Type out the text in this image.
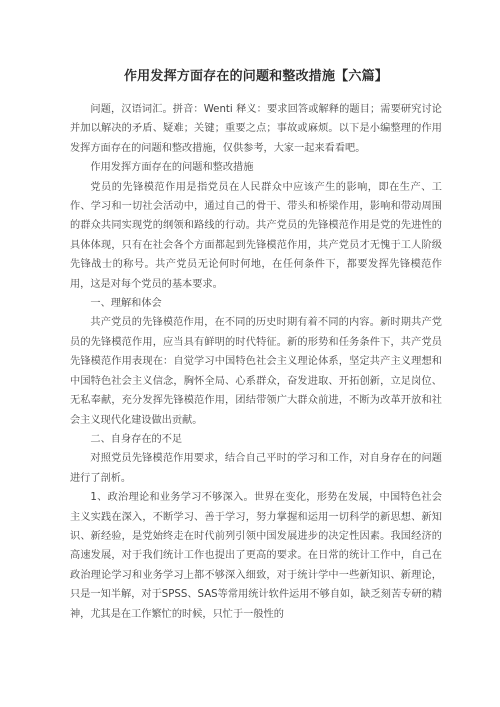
作用发挥方面存在的问题和整改措施【六篇】

问题，汉语词汇。拼音：Wenti 释义：要求回答或解释的题目；需要研究讨论并加以解决的矛盾、疑难；关键；重要之点；事故或麻烦。以下是小编整理的作用发挥方面存在的问题和整改措施，仅供参考，大家一起来看看吧。

作用发挥方面存在的问题和整改措施

党员的先锋模范作用是指党员在人民群众中应该产生的影响，即在生产、工作、学习和一切社会活动中，通过自己的骨干、带头和桥梁作用，影响和带动周围的群众共同实现党的纲领和路线的行动。共产党员的先锋模范作用是党的先进性的具体体现，只有在社会各个方面都起到先锋模范作用，共产党员才无愧于工人阶级先锋战士的称号。共产党员无论何时何地，在任何条件下，都要发挥先锋模范作用，这是对每个党员的基本要求。

一、理解和体会

共产党员的先锋模范作用，在不同的历史时期有着不同的内容。新时期共产党员的先锋模范作用，应当具有鲜明的时代特征。新的形势和任务条件下，共产党员先锋模范作用表现在：自觉学习中国特色社会主义理论体系，坚定共产主义理想和中国特色社会主义信念，胸怀全局、心系群众，奋发进取、开拓创新，立足岗位、无私奉献，充分发挥先锋模范作用，团结带领广大群众前进，不断为改革开放和社会主义现代化建设做出贡献。

二、自身存在的不足

对照党员先锋模范作用要求，结合自己平时的学习和工作，对自身存在的问题进行了剖析。

1、政治理论和业务学习不够深入。世界在变化，形势在发展，中国特色社会主义实践在深入，不断学习、善于学习，努力掌握和运用一切科学的新思想、新知识、新经验，是党始终走在时代前列引领中国发展进步的决定性因素。我国经济的高速发展，对于我们统计工作也提出了更高的要求。在日常的统计工作中，自己在政治理论学习和业务学习上都不够深入细致，对于统计学中一些新知识、新理论，只是一知半解，对于SPSS、SAS等常用统计软件运用不够自如，缺乏刻苦专研的精神，尤其是在工作繁忙的时候，只忙于一般性的
